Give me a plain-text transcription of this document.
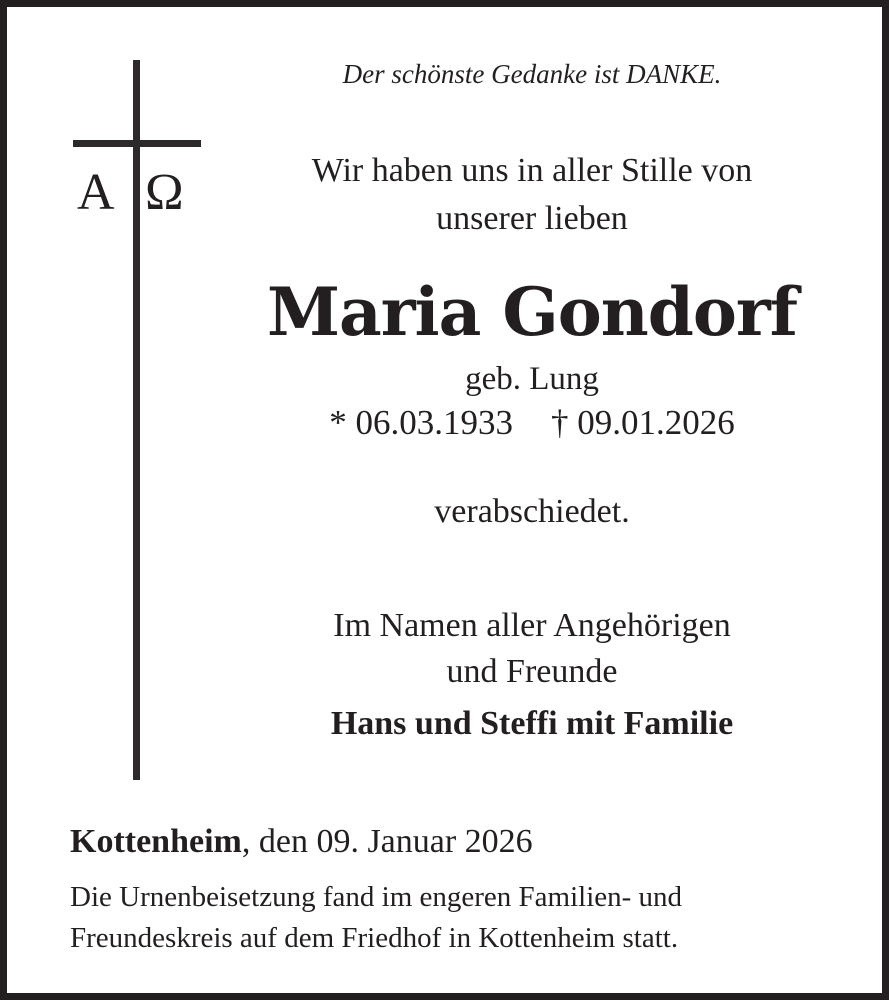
A Ω
Der schönste Gedanke ist DANKE.
Wir haben uns in aller Stille von
unserer lieben
Maria Gondorf
geb. Lung
* 06.03.1933 † 09.01.2026
verabschiedet.
Im Namen aller Angehörigen
und Freunde
Hans und Steffi mit Familie
Kottenheim, den 09. Januar 2026
Die Urnenbeisetzung fand im engeren Familien- und
Freundeskreis auf dem Friedhof in Kottenheim statt.
